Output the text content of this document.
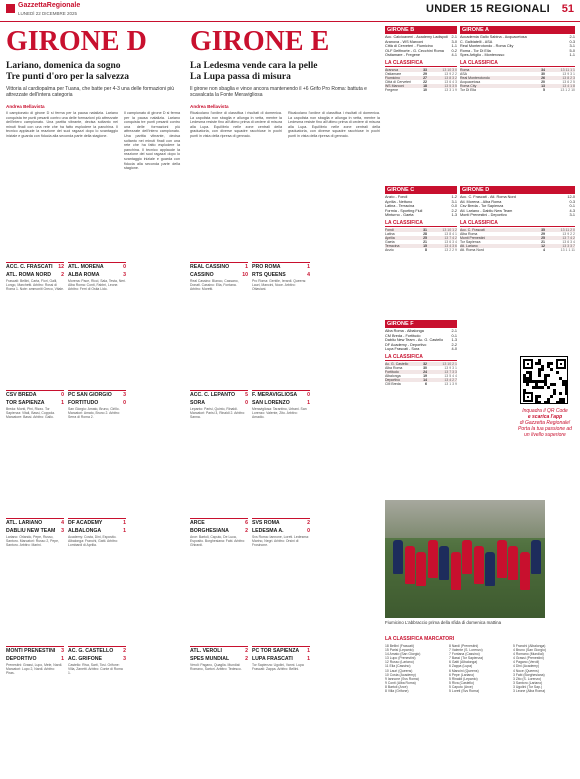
GazzettaRegionale
LUNEDÌ 22 DICEMBRE 2025	UNDER 15 REGIONALI 51
GIRONE D
Lariano, domenica da sogno
Tre punti d'oro per la salvezza
Vittoria al cardiopalma per Tuana, che batte per 4-3 una delle formazioni più attrezzate dell'intera categoria
Andrea Bellavista
Il campionato di girone D si ferma per la pausa natalizia. Lariano conquista tre punti pesanti contro una delle formazioni più attrezzate dell'intero campionato. Una partita vibrante, decisa soltanto nei minuti finali con una rete che ha fatto esplodere la panchina. Il tecnico applaude la reazione dei suoi ragazzi dopo lo svantaggio iniziale e guarda con fiducia alla seconda parte della stagione.
Il campionato di girone D si ferma per la pausa natalizia. Lariano conquista tre punti pesanti contro una delle formazioni più attrezzate dell'intero campionato. Una partita vibrante, decisa soltanto nei minuti finali con una rete che ha fatto esplodere la panchina. Il tecnico applaude la reazione dei suoi ragazzi dopo lo svantaggio iniziale e guarda con fiducia alla seconda parte della stagione.
GIRONE E
La Ledesma vende cara la pelle
La Lupa passa di misura
Il girone non sbaglia e vince ancora mantenendo il +6 Grifo Pro Roma: battuta e scavalcata la Fonte Meravigliosa
Andrea Bellavista
Ricalcolano l'ordine di classifica i risultati di domenica. La capolista non sbaglia e allunga in vetta, mentre la Ledesma resiste fino all'ultimo prima di cedere di misura alla Lupa. Equilibrio nelle zone centrali della graduatoria, con diverse squadre racchiuse in pochi punti in vista della ripresa di gennaio.
Ricalcolano l'ordine di classifica i risultati di domenica. La capolista non sbaglia e allunga in vetta, mentre la Ledesma resiste fino all'ultimo prima di cedere di misura alla Lupa. Equilibrio nelle zone centrali della graduatoria, con diverse squadre racchiuse in pochi punti in vista della ripresa di gennaio.
ACC. C. FRASCATI 12
ATL. ROMA NORD 2
Frascati: Bellini, Carta, Fiori, Galli, Longo, Marchetti. Arbitro: Rossi di Roma 1. Note: ammoniti Greco, Vitale.
ATL. MORENA	0
ALBA ROMA	3
Morena: Pace, Ricci, Sala, Testa, Neri. Alba Roma: Conti, Fabbri, Leone. Arbitro: Ferri di Ostia Lido.
CSV BREDA	0
TOR SAPIENZA	1
Breda: Monti, Pini, Rizzo. Tor Sapienza: Vitali, Bassi, Coppola. Marcatore: Bassi. Arbitro: Gallo.
PC SAN GIORGIO 3
FORTITUDO	0
San Giorgio: Amato, Bruno, Cirillo. Marcatori: Amato, Bruno 2. Arbitro: Serra di Roma 2.
ATL. LARIANO	4
DABLIU NEW TEAM 3
Lariano: Orlando, Pepe, Russo, Santoro. Marcatori: Russo 2, Pepe, Santoro. Arbitro: Marini.
DF ACADEMY	1
ALBALONGA	1
Academy: Costa, Dini, Esposito. Albalonga: Franchi, Gatti. Arbitro: Lombardi di Aprilia.
MONTI PRENESTINI 3
DEPORTIVO	1
Prenestini: Grassi, Lupo, Mele, Nardi. Marcatori: Lupo 2, Nardi. Arbitro: Piras.
AC. G. CASTELLO 2
AC. GRIFONE	3
Castello: Riva, Sarti, Tosi. Grifone: Villa, Zanetti. Arbitro: Conte di Roma 1.
REAL CASSINO	1
CASSINO	10
Real Cassino: Bianco, Cassano, Donati. Cassino: Elia, Fontana. Arbitro: Moretti.
PRO ROMA	1
RTS QUEENS	4
Pro Roma: Gentile, Ierardi. Queens: Lauri, Mancini, Noce. Arbitro: Ottaviani.
ACC. C. LEPANTO 5
SORA	0
Lepanto: Parisi, Quinto, Rinaldi. Marcatori: Parisi 3, Rinaldi 2. Arbitro: Sanna.
F. MERAVIGLIOSA 0
SAN LORENZO	1
Meravigliosa: Tarantino, Urbani. San Lorenzo: Valente, Zito. Arbitro: Amadio.
ARCE	6
BORGHESIANA	2
Arce: Bartoli, Caputo, De Luca, Esposito. Borghesiana: Fabi. Arbitro: Ghirardi.
SVS ROMA	2
LEDESMA A.	0
Svs Roma: Iannone, Loreti. Ledesma: Marino, Negri. Arbitro: Orsini di Frosinone.
ATL. VEROLI	2
SPES MUNDIAL	2
Veroli: Pagano, Quaglia. Mundial: Romano, Sartori. Arbitro: Tedesco.
PC TOR SAPIENZA 1
LUPA FRASCATI	1
Tor Sapienza: Ugolini, Vanni. Lupa Frascati: Zappa. Arbitro: Bellini.
GIRONE B
Acc. Calcioaveni - Academy Ladispoli 2-1
Aranova - WS Marconi	3-0
Città di Cerveteri - Fiumicino	1-1
OLF Delfinorte - G. Cecchini Roma 0-2
Ostiamare - Fregene	4-1
LA CLASSIFICA
Aranova	33	13 10 3 0
Ostiamare	29	13 9 2 2
Fiumicino	27	13 8 3 2
Città di Cerveteri	22	13 6 4 3
WS Marconi	18	13 5 3 5
Fregene	10	13 3 1 9
GIRONE C
Anzio - Fondi	1-2
Aprilia - Nettuno	3-1
Latina - Terracina	0-0
Formia - Sporting Fiuli	2-2
Minturno - Gaeta	1-3
LA CLASSIFICA
Fondi	31	13 10 1 2
Latina	28	13 8 4 1
Aprilia	25	13 7 4 2
Gaeta	21	13 6 3 4
Terracina	15	13 4 3 6
Anzio	8	13 2 2 9
GIRONE F
Alba Roma - Albalonga	2-1
CM Breda - Fortitudo	0-1
Dabliu New Team - Ac. G. Castello 1-3
DF Academy - Deportivo	2-2
Lupa Frascati - Sora	4-0
LA CLASSIFICA
Ac. G. Castello	32	13 10 2 1
Alba Roma	30	13 9 3 1
Fortitudo	24	13 7 3 3
Albalonga	19	13 5 4 4
Deportivo	14	13 4 2 7
CM Breda	6	13 1 3 9
GIRONE A
Accademia Gallo Sabina - Acquacetosa	2-1
C. Galbiatelli - ASA	0-3
Real Monterotondo - Roma City	3-1
Roma - Tor Di Ella	5-0
Spes Artiglio - Monterosso	1-1
LA CLASSIFICA
Roma	34	13 11 1 1
ASA	30	13 9 3 1
Real Monterotondo	26	13 8 2 3
Acquacetosa	20	13 6 2 5
Roma City	13	13 4 1 8
Tor Di Ella	5	13 1 2 10
GIRONE D
Acc. C. Frascati - Atl. Roma Nord	12-0
Atl. Morena - Alba Roma	0-3
Csv Breda - Tor Sapienza	0-1
Atl. Lariano - Dabliu New Team	4-3
Monti Prenestini - Deportivo	3-1
LA CLASSIFICA
Acc. C. Frascati	35	13 11 2 0
Alba Roma	29	13 9 2 2
Monti Prenestini	25	13 7 4 2
Tor Sapienza	21	13 6 3 4
Atl. Lariano	12	13 3 3 7
Atl. Roma Nord	4	13 1 1 11
Inquadra il QR Code
e scarica l'app
di Gazzetta Regionale!
Porta la tua passione ad
un livello superiore
Fiumicino L'abbraccio prima della sfida di domenica mattina
LA CLASSIFICA MARCATORI
18 Bellini (Frascati)
15 Parisi (Lepanto)
14 Amato (San Giorgio)
13 Lupo (Prenestini)
12 Russo (Lariano)
11 Elia (Cassino)
10 Lauri (Queens)
10 Costa (Academy)
9 Iannone (Svs Roma)
9 Conti (Alba Roma)
8 Bartoli (Arce)
8 Villa (Grifone)
8 Nardi (Prenestini)
7 Valente (S. Lorenzo)
7 Fontana (Cassino)
7 Bassi (Tor Sapienza)
6 Gatti (Albalonga)
6 Zappa (Lupa)
6 Mancini (Queens)
6 Pepe (Lariano)
5 Rinaldi (Lepanto)
5 Riva (Castello)
5 Caputo (Arce)
5 Loreti (Svs Roma)
5 Franchi (Albalonga)
4 Bruno (San Giorgio)
4 Romano (Mundial)
4 Grassi (Prenestini)
4 Pagano (Veroli)
4 Dini (Academy)
4 Noce (Queens)
3 Fabi (Borghesiana)
3 Zito (S. Lorenzo)
3 Santoro (Lariano)
3 Ugolini (Tor Sap.)
3 Leone (Alba Roma)
